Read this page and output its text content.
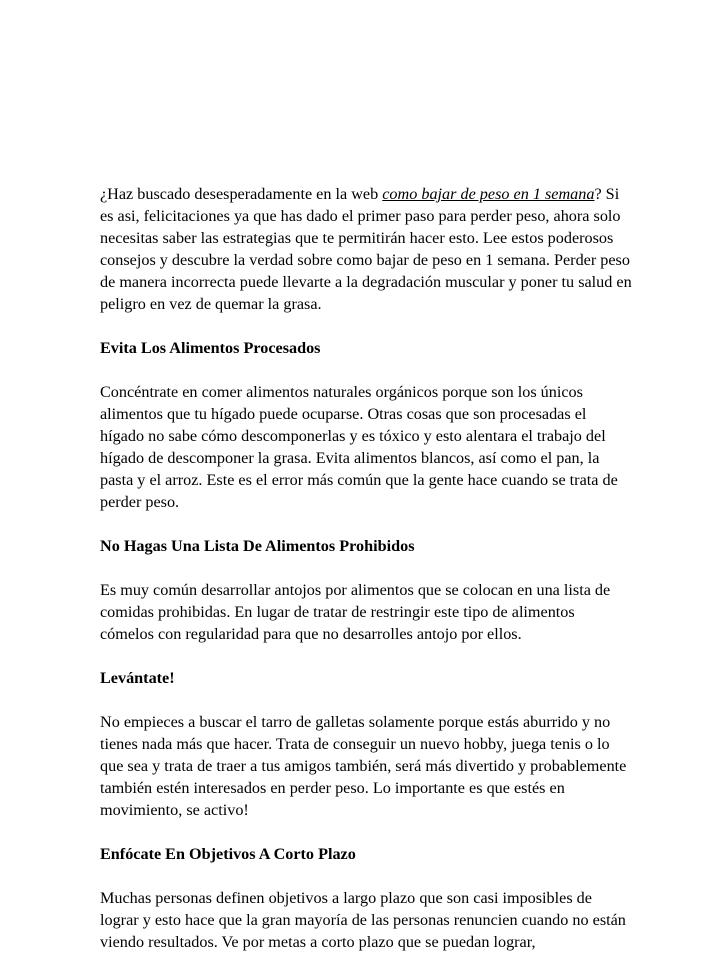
¿Haz buscado desesperadamente en la web como bajar de peso en 1 semana? Si es asi, felicitaciones ya que has dado el primer paso para perder peso, ahora solo necesitas saber las estrategias que te permitirán hacer esto. Lee estos poderosos consejos y descubre la verdad sobre como bajar de peso en 1 semana. Perder peso de manera incorrecta puede llevarte a la degradación muscular y poner tu salud en peligro en vez de quemar la grasa.

Evita Los Alimentos Procesados

Concéntrate en comer alimentos naturales orgánicos porque son los únicos alimentos que tu hígado puede ocuparse. Otras cosas que son procesadas el hígado no sabe cómo descomponerlas y es tóxico y esto alentara el trabajo del hígado de descomponer la grasa. Evita alimentos blancos, así como el pan, la pasta y el arroz. Este es el error más común que la gente hace cuando se trata de perder peso.

No Hagas Una Lista De Alimentos Prohibidos

Es muy común desarrollar antojos por alimentos que se colocan en una lista de comidas prohibidas. En lugar de tratar de restringir este tipo de alimentos cómelos con regularidad para que no desarrolles antojo por ellos.

Levántate!

No empieces a buscar el tarro de galletas solamente porque estás aburrido y no tienes nada más que hacer. Trata de conseguir un nuevo hobby, juega tenis o lo que sea y trata de traer a tus amigos también, será más divertido y probablemente también estén interesados en perder peso. Lo importante es que estés en movimiento, se activo!

Enfócate En Objetivos A Corto Plazo

Muchas personas definen objetivos a largo plazo que son casi imposibles de lograr y esto hace que la gran mayoría de las personas renuncien cuando no están viendo resultados. Ve por metas a corto plazo que se puedan lograr,
